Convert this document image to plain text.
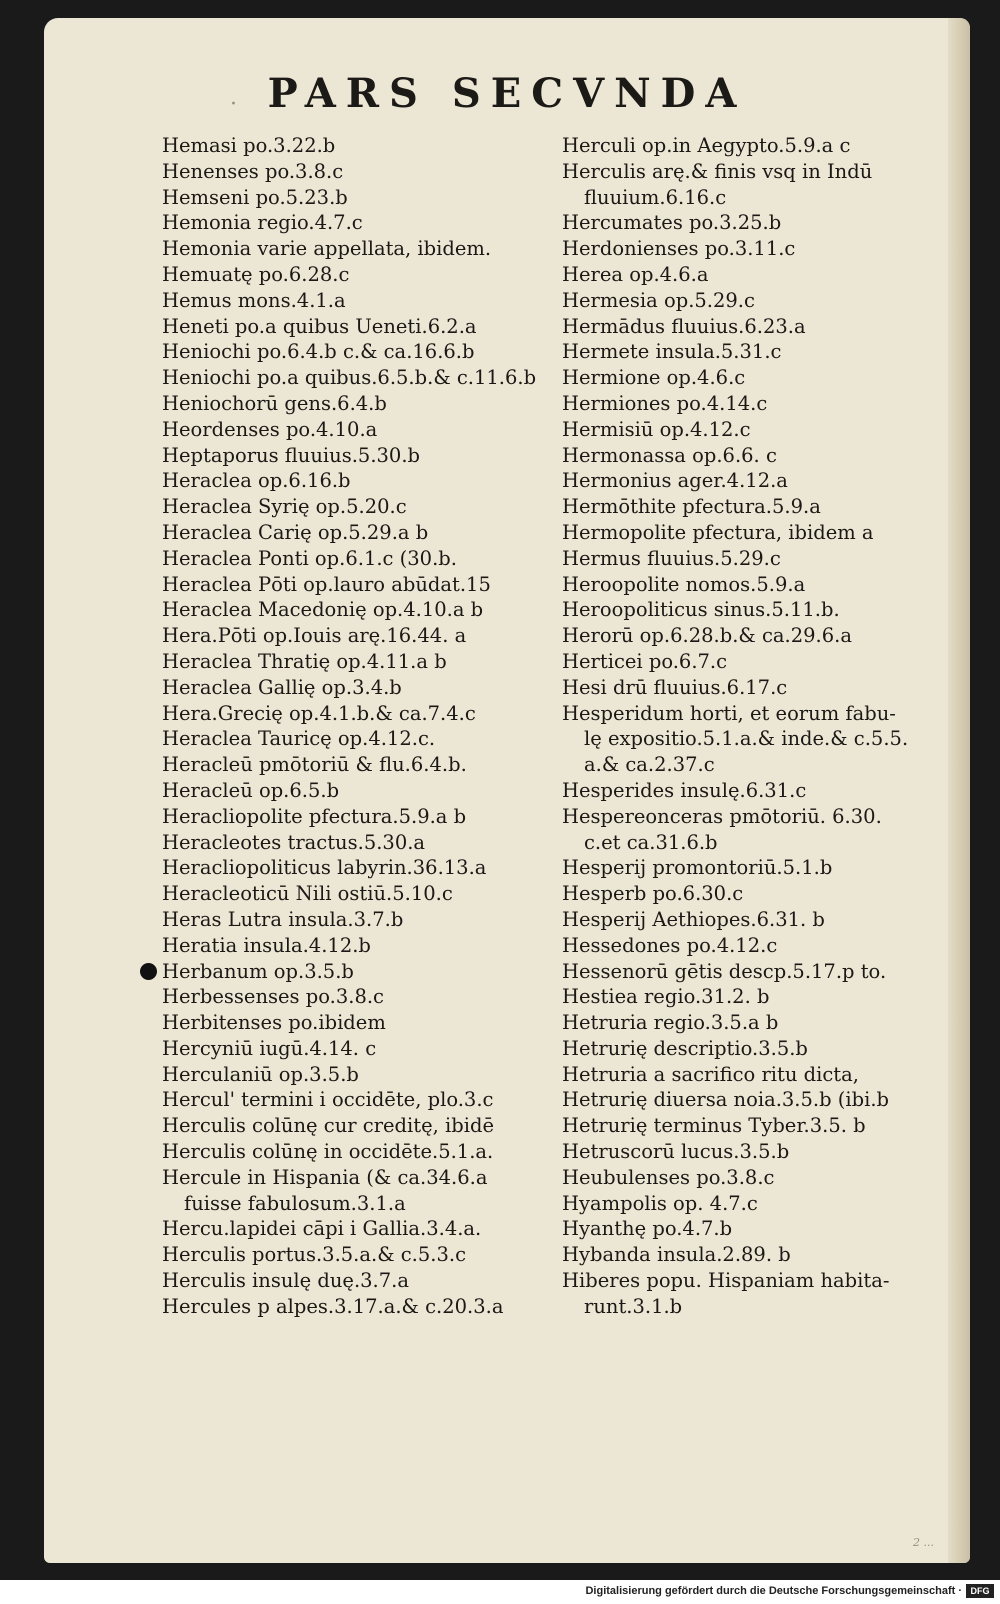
· PARS SECVNDA
Hemasi po.3.22.b
Henenses po.3.8.c
Hemseni po.5.23.b
Hemonia regio.4.7.c
Hemonia varie appellata, ibidem.
Hemuatę po.6.28.c
Hemus mons.4.1.a
Heneti po.a quibus Ueneti.6.2.a
Heniochi po.6.4.b c.& ca.16.6.b
Heniochi po.a quibus.6.5.b.& c.11.6.b
Heniochorū gens.6.4.b
Heordenses po.4.10.a
Heptaporus fluuius.5.30.b
Heraclea op.6.16.b
Heraclea Syrię op.5.20.c
Heraclea Carię op.5.29.a b
Heraclea Ponti op.6.1.c (30.b.
Heraclea Pōti op.lauro abūdat.15
Heraclea Macedonię op.4.10.a b
Hera.Pōti op.Iouis arę.16.44. a
Heraclea Thratię op.4.11.a b
Heraclea Gallię op.3.4.b
Hera.Grecię op.4.1.b.& ca.7.4.c
Heraclea Tauricę op.4.12.c.
Heracleū pmōtoriū & flu.6.4.b.
Heracleū op.6.5.b
Heracliopolite pfectura.5.9.a b
Heracleotes tractus.5.30.a
Heracliopoliticus labyrin.36.13.a
Heracleoticū Nili ostiū.5.10.c
Heras Lutra insula.3.7.b
Heratia insula.4.12.b
Herbanum op.3.5.b
Herbessenses po.3.8.c
Herbitenses po.ibidem
Hercyniū iugū.4.14. c
Herculaniū op.3.5.b
Hercul' termini i occidēte, plo.3.c
Herculis colūnę cur creditę, ibidē
Herculis colūnę in occidēte.5.1.a.
Hercule in Hispania (& ca.34.6.a
fuisse fabulosum.3.1.a
Hercu.lapidei cāpi i Gallia.3.4.a.
Herculis portus.3.5.a.& c.5.3.c
Herculis insulę duę.3.7.a
Hercules p alpes.3.17.a.& c.20.3.a
Herculi op.in Aegypto.5.9.a c
Herculis arę.& finis vsq in Indū
fluuium.6.16.c
Hercumates po.3.25.b
Herdonienses po.3.11.c
Herea op.4.6.a
Hermesia op.5.29.c
Hermādus fluuius.6.23.a
Hermete insula.5.31.c
Hermione op.4.6.c
Hermiones po.4.14.c
Hermisiū op.4.12.c
Hermonassa op.6.6. c
Hermonius ager.4.12.a
Hermōthite pfectura.5.9.a
Hermopolite pfectura, ibidem a
Hermus fluuius.5.29.c
Heroopolite nomos.5.9.a
Heroopoliticus sinus.5.11.b.
Herorū op.6.28.b.& ca.29.6.a
Herticei po.6.7.c
Hesi drū fluuius.6.17.c
Hesperidum horti, et eorum fabu-
lę expositio.5.1.a.& inde.& c.5.5.
a.& ca.2.37.c
Hesperides insulę.6.31.c
Hespereonceras pmōtoriū. 6.30.
c.et ca.31.6.b
Hesperij promontoriū.5.1.b
Hesperb po.6.30.c
Hesperij Aethiopes.6.31. b
Hessedones po.4.12.c
Hessenorū gētis descp.5.17.p to.
Hestiea regio.31.2. b
Hetruria regio.3.5.a b
Hetrurię descriptio.3.5.b
Hetruria a sacrifico ritu dicta,
Hetrurię diuersa noia.3.5.b (ibi.b
Hetrurię terminus Tyber.3.5. b
Hetruscorū lucus.3.5.b
Heubulenses po.3.8.c
Hyampolis op. 4.7.c
Hyanthę po.4.7.b
Hybanda insula.2.89. b
Hiberes popu. Hispaniam habita-
runt.3.1.b
2 ...
Digitalisierung gefördert durch die Deutsche Forschungsgemeinschaft · DFG
